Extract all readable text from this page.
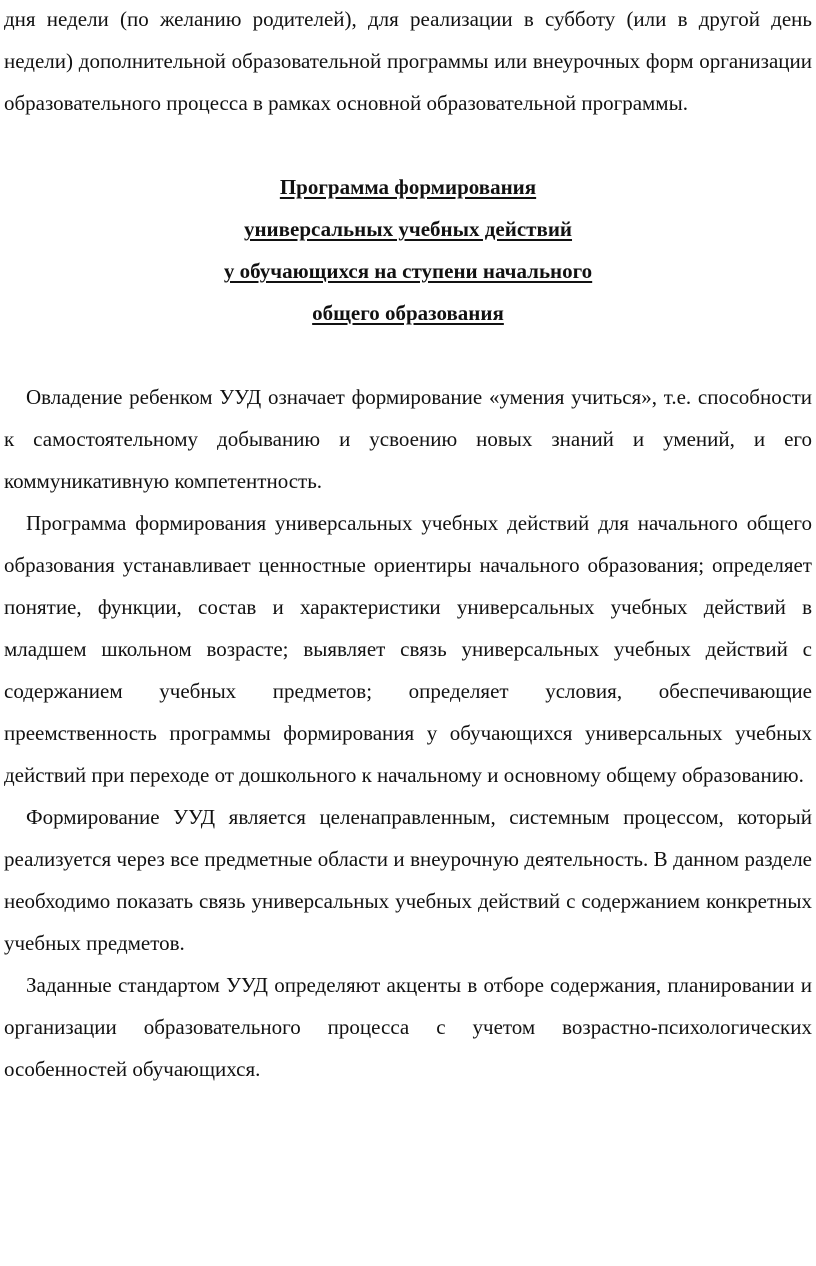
дня недели (по желанию родителей), для реализации в субботу (или в другой день недели) дополнительной образовательной программы или внеурочных форм организации образовательного процесса в рамках основной образовательной программы.

Программа формирования
универсальных учебных действий
у обучающихся на ступени начального
общего образования

Овладение ребенком УУД означает формирование «умения учиться», т.е. способности к самостоятельному добыванию и усвоению новых знаний и умений, и его коммуникативную компетентность.

Программа формирования универсальных учебных действий для начального общего образования устанавливает ценностные ориентиры начального образования; определяет понятие, функции, состав и характеристики универсальных учебных действий в младшем школьном возрасте; выявляет связь универсальных учебных действий с содержанием учебных предметов; определяет условия, обеспечивающие преемственность программы формирования у обучающихся универсальных учебных действий при переходе от дошкольного к начальному и основному общему образованию.

Формирование УУД является целенаправленным, системным процессом, который реализуется через все предметные области и внеурочную деятельность. В данном разделе необходимо показать связь универсальных учебных действий с содержанием конкретных учебных предметов.

Заданные стандартом УУД определяют акценты в отборе содержания, планировании и организации образовательного процесса с учетом возрастно-психологических особенностей обучающихся.
